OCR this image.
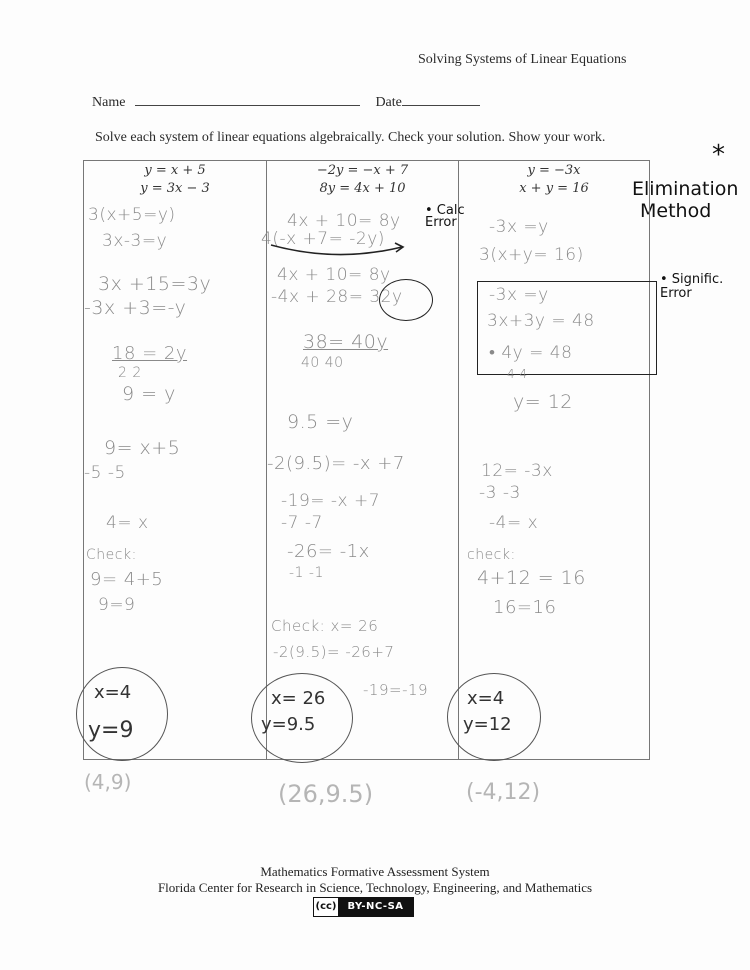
Solving Systems of Linear Equations
Name	Date
Solve each system of linear equations algebraically. Check your solution. Show your work.
*
Elimination
Method
y = x + 5
y = 3x − 3
3(x+5=y)
3x-3=y
3x +15=3y
-3x +3=-y
18 = 2y
2 2
9 = y
9= x+5
-5 -5
4= x
Check:
9= 4+5
9=9
x=4
y=9
−2y = −x + 7
8y = 4x + 10
4x + 10= 8y
4(-x +7= -2y)
4x + 10= 8y
-4x + 28= 32y
38= 40y
40 40
9.5 =y
-2(9.5)= -x +7
-19= -x +7
-7 -7
-26= -1x
-1 -1
Check: x= 26
-2(9.5)= -26+7
-19=-19
x= 26
y=9.5
y = −3x
x + y = 16
-3x =y
3(x+y= 16)
-3x =y
3x+3y = 48
• 4y = 48
4 4
y= 12
12= -3x
-3 -3
-4= x
check:
4+12 = 16
16=16
x=4
y=12
• Calc
Error
• Signific.
Error
(4,9)	(26,9.5)	(-4,12)
Mathematics Formative Assessment System
Florida Center for Research in Science, Technology, Engineering, and Mathematics
(cc)	BY-NC-SA
